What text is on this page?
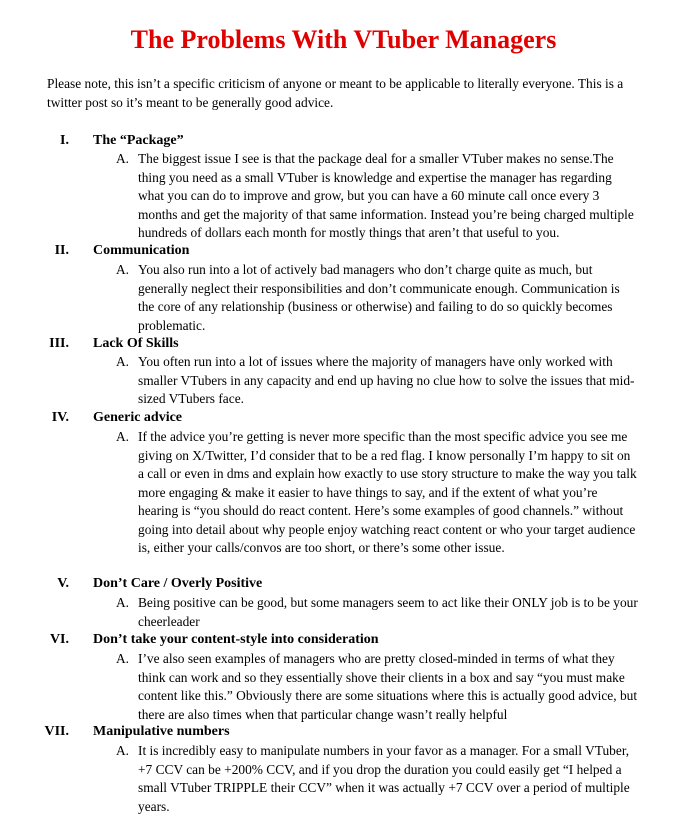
The Problems With VTuber Managers

Please note, this isn’t a specific criticism of anyone or meant to be applicable to literally everyone. This is a twitter post so it’s meant to be generally good advice.

I. The “Package”
A. The biggest issue I see is that the package deal for a smaller VTuber makes no sense.The thing you need as a small VTuber is knowledge and expertise the manager has regarding what you can do to improve and grow, but you can have a 60 minute call once every 3 months and get the majority of that same information. Instead you’re being charged multiple hundreds of dollars each month for mostly things that aren’t that useful to you.

II. Communication
A. You also run into a lot of actively bad managers who don’t charge quite as much, but generally neglect their responsibilities and don’t communicate enough. Communication is the core of any relationship (business or otherwise) and failing to do so quickly becomes problematic.

III. Lack Of Skills
A. You often run into a lot of issues where the majority of managers have only worked with smaller VTubers in any capacity and end up having no clue how to solve the issues that mid-sized VTubers face.

IV. Generic advice
A. If the advice you’re getting is never more specific than the most specific advice you see me giving on X/Twitter, I’d consider that to be a red flag. I know personally I’m happy to sit on a call or even in dms and explain how exactly to use story structure to make the way you talk more engaging & make it easier to have things to say, and if the extent of what you’re hearing is “you should do react content. Here’s some examples of good channels.” without going into detail about why people enjoy watching react content or who your target audience is, either your calls/convos are too short, or there’s some other issue.

V. Don’t Care / Overly Positive
A. Being positive can be good, but some managers seem to act like their ONLY job is to be your cheerleader

VI. Don’t take your content-style into consideration
A. I’ve also seen examples of managers who are pretty closed-minded in terms of what they think can work and so they essentially shove their clients in a box and say “you must make content like this.” Obviously there are some situations where this is actually good advice, but there are also times when that particular change wasn’t really helpful

VII. Manipulative numbers
A. It is incredibly easy to manipulate numbers in your favor as a manager. For a small VTuber, +7 CCV can be +200% CCV, and if you drop the duration you could easily get “I helped a small VTuber TRIPPLE their CCV” when it was actually +7 CCV over a period of multiple years.
